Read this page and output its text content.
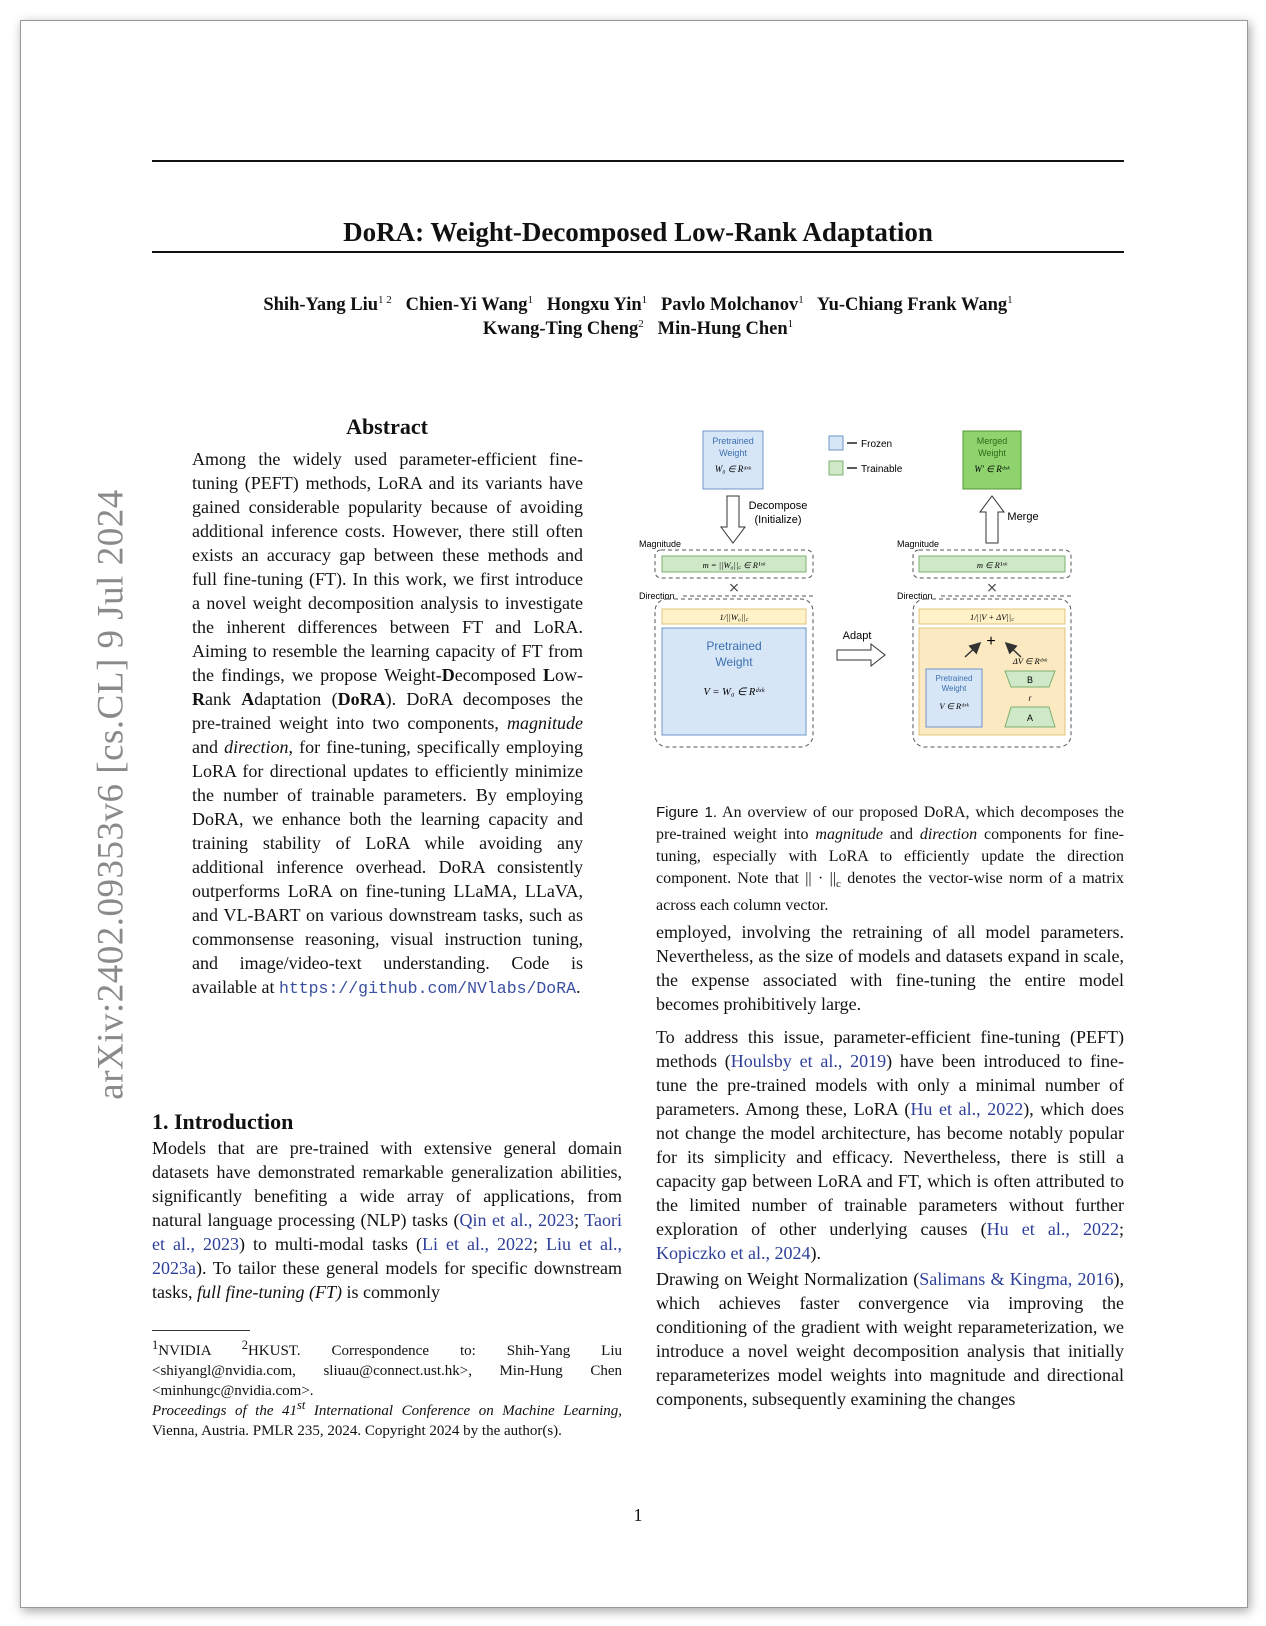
DoRA: Weight-Decomposed Low-Rank Adaptation
Shih-Yang Liu$^{1 2}$ Chien-Yi Wang$^1$ Hongxu Yin$^1$ Pavlo Molchanov$^1$ Yu-Chiang Frank Wang$^1$
Kwang-Ting Cheng$^2$ Min-Hung Chen$^1$
arXiv:2402.09353v6 [cs.CL] 9 Jul 2024
Abstract
Among the widely used parameter-efficient fine-tuning (PEFT) methods, LoRA and its variants have gained considerable popularity because of avoiding additional inference costs. However, there still often exists an accuracy gap between these methods and full fine-tuning (FT). In this work, we first introduce a novel weight decomposition analysis to investigate the inherent differences between FT and LoRA. Aiming to resemble the learning capacity of FT from the findings, we propose Weight-Decomposed Low-Rank Adaptation (DoRA). DoRA decomposes the pre-trained weight into two components, magnitude and direction, for fine-tuning, specifically employing LoRA for directional updates to efficiently minimize the number of trainable parameters. By employing DoRA, we enhance both the learning capacity and training stability of LoRA while avoiding any additional inference overhead. DoRA consistently outperforms LoRA on fine-tuning LLaMA, LLaVA, and VL-BART on various downstream tasks, such as commonsense reasoning, visual instruction tuning, and image/video-text understanding. Code is available at https://github.com/NVlabs/DoRA.
1. Introduction
Models that are pre-trained with extensive general domain datasets have demonstrated remarkable generalization abilities, significantly benefiting a wide array of applications, from natural language processing (NLP) tasks (Qin et al., 2023; Taori et al., 2023) to multi-modal tasks (Li et al., 2022; Liu et al., 2023a). To tailor these general models for specific downstream tasks, full fine-tuning (FT) is commonly
$^1$NVIDIA $^2$HKUST. Correspondence to: Shih-Yang Liu <shiyangl@nvidia.com, sliuau@connect.ust.hk>, Min-Hung Chen <minhungc@nvidia.com>.
Proceedings of the 41st International Conference on Machine Learning, Vienna, Austria. PMLR 235, 2024. Copyright 2024 by the author(s).
Pretrained
Weight
W₀ ∈ Rᵈˣᵏ
Frozen
Trainable
Merged
Weight
W′ ∈ Rᵈˣᵏ
Decompose
(Initialize)	Merge
Magnitude	Magnitude
m = ||W₀||꜀ ∈ R¹ˣᵏ	m ∈ R¹ˣᵏ
⨯	⨯
Direction	Direction
1/||W₀||꜀
Pretrained
Weight
V = W₀ ∈ Rᵈˣᵏ
Adapt
1/||V + ΔV||꜀
Pretrained
Weight
V ∈ Rᵈˣᵏ
+
ΔV ∈ Rᵈˣᵏ
B
r
A
Figure 1. An overview of our proposed DoRA, which decomposes the pre-trained weight into magnitude and direction components for fine-tuning, especially with LoRA to efficiently update the direction component. Note that || · $||_c$ denotes the vector-wise norm of a matrix across each column vector.
employed, involving the retraining of all model parameters. Nevertheless, as the size of models and datasets expand in scale, the expense associated with fine-tuning the entire model becomes prohibitively large.
To address this issue, parameter-efficient fine-tuning (PEFT) methods (Houlsby et al., 2019) have been introduced to fine-tune the pre-trained models with only a minimal number of parameters. Among these, LoRA (Hu et al., 2022), which does not change the model architecture, has become notably popular for its simplicity and efficacy. Nevertheless, there is still a capacity gap between LoRA and FT, which is often attributed to the limited number of trainable parameters without further exploration of other underlying causes (Hu et al., 2022; Kopiczko et al., 2024).
Drawing on Weight Normalization (Salimans & Kingma, 2016), which achieves faster convergence via improving the conditioning of the gradient with weight reparameterization, we introduce a novel weight decomposition analysis that initially reparameterizes model weights into magnitude and directional components, subsequently examining the changes
1
